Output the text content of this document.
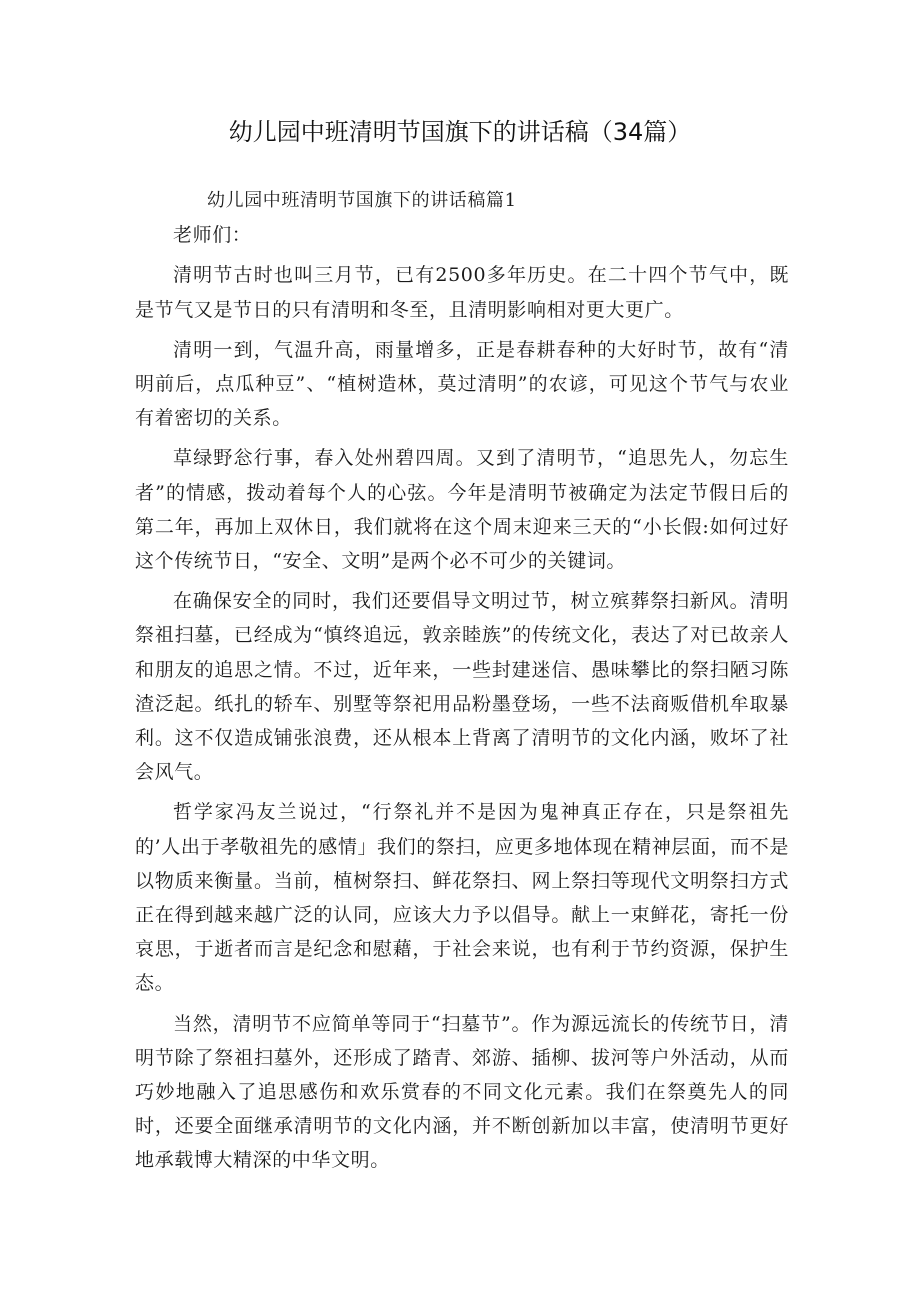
幼儿园中班清明节国旗下的讲话稿（34篇）

幼儿园中班清明节国旗下的讲话稿篇1

老师们：

清明节古时也叫三月节，已有2500多年历史。在二十四个节气中，既是节气又是节日的只有清明和冬至，且清明影响相对更大更广。

清明一到，气温升高，雨量增多，正是春耕春种的大好时节，故有“清明前后，点瓜种豆”、“植树造林，莫过清明”的农谚，可见这个节气与农业有着密切的关系。

草绿野忩行事，春入处州碧四周。又到了清明节，“追思先人，勿忘生者”的情感，拨动着每个人的心弦。今年是清明节被确定为法定节假日后的第二年，再加上双休日，我们就将在这个周末迎来三天的“小长假:如何过好这个传统节日，“安全、文明”是两个必不可少的关键词。

在确保安全的同时，我们还要倡导文明过节，树立殡葬祭扫新风。清明祭祖扫墓，已经成为“慎终追远，敦亲睦族”的传统文化，表达了对已故亲人和朋友的追思之情。不过，近年来，一些封建迷信、愚味攀比的祭扫陋习陈渣泛起。纸扎的轿车、别墅等祭祀用品粉墨登场，一些不法商贩借机牟取暴利。这不仅造成铺张浪费，还从根本上背离了清明节的文化内涵，败坏了社会风气。

哲学家冯友兰说过，“行祭礼并不是因为鬼神真正存在，只是祭祖先的’人出于孝敬祖先的感情」我们的祭扫，应更多地体现在精神层面，而不是以物质来衡量。当前，植树祭扫、鲜花祭扫、网上祭扫等现代文明祭扫方式正在得到越来越广泛的认同，应该大力予以倡导。献上一束鲜花，寄托一份哀思，于逝者而言是纪念和慰藉，于社会来说，也有利于节约资源，保护生态。

当然，清明节不应简单等同于“扫墓节”。作为源远流长的传统节日，清明节除了祭祖扫墓外，还形成了踏青、郊游、插柳、拔河等户外活动，从而巧妙地融入了追思感伤和欢乐赏春的不同文化元素。我们在祭奠先人的同时，还要全面继承清明节的文化内涵，并不断创新加以丰富，使清明节更好地承载博大精深的中华文明。
